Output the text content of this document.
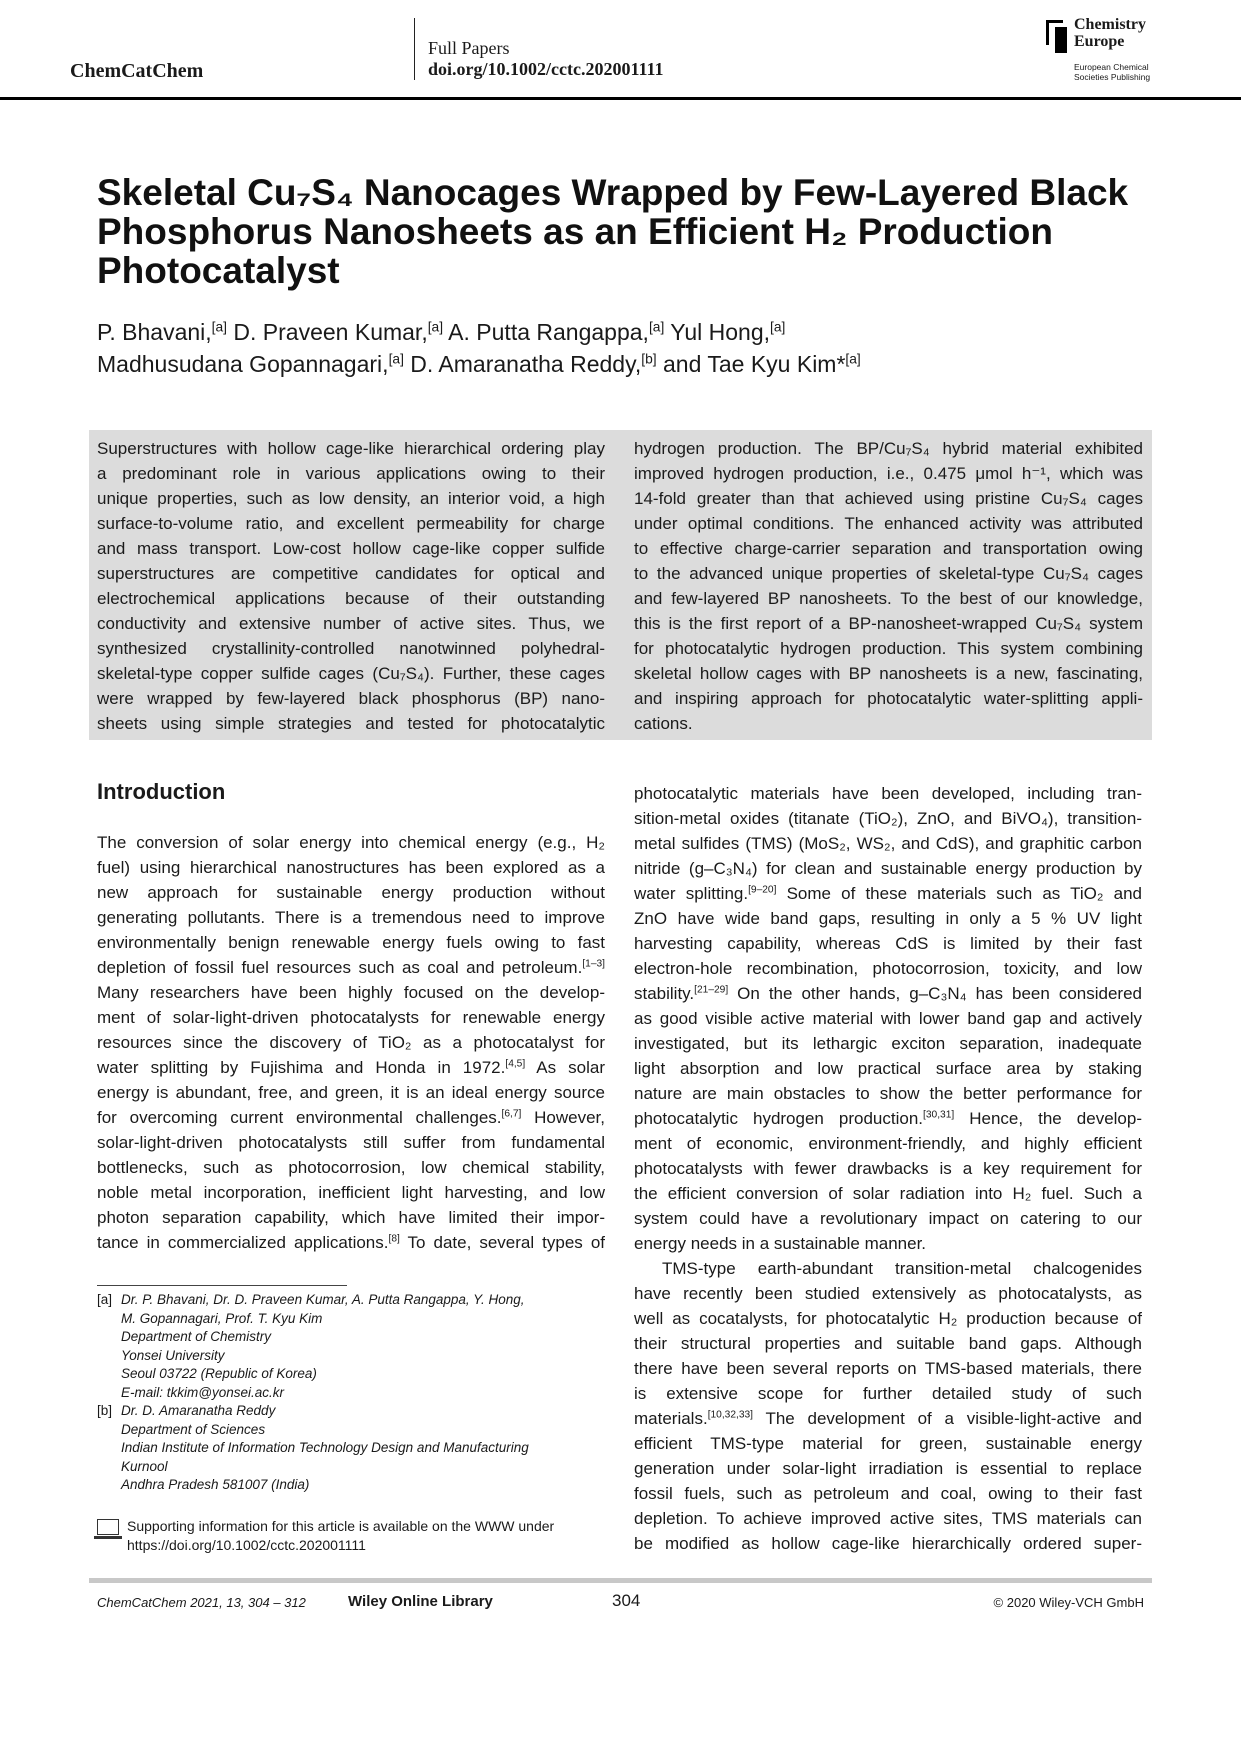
ChemCatChem
Full Papers
doi.org/10.1002/cctc.202001111
Chemistry
Europe
European Chemical
Societies Publishing
Skeletal Cu₇S₄ Nanocages Wrapped by Few-Layered Black
Phosphorus Nanosheets as an Efficient H₂ Production
Photocatalyst
P. Bhavani,[a] D. Praveen Kumar,[a] A. Putta Rangappa,[a] Yul Hong,[a]
Madhusudana Gopannagari,[a] D. Amaranatha Reddy,[b] and Tae Kyu Kim*[a]
Superstructures with hollow cage-like hierarchical ordering play
a predominant role in various applications owing to their
unique properties, such as low density, an interior void, a high
surface-to-volume ratio, and excellent permeability for charge
and mass transport. Low-cost hollow cage-like copper sulfide
superstructures are competitive candidates for optical and
electrochemical applications because of their outstanding
conductivity and extensive number of active sites. Thus, we
synthesized crystallinity-controlled nanotwinned polyhedral-
skeletal-type copper sulfide cages (Cu₇S₄). Further, these cages
were wrapped by few-layered black phosphorus (BP) nano-
sheets using simple strategies and tested for photocatalytic
hydrogen production. The BP/Cu₇S₄ hybrid material exhibited
improved hydrogen production, i.e., 0.475 μmol h⁻¹, which was
14-fold greater than that achieved using pristine Cu₇S₄ cages
under optimal conditions. The enhanced activity was attributed
to effective charge-carrier separation and transportation owing
to the advanced unique properties of skeletal-type Cu₇S₄ cages
and few-layered BP nanosheets. To the best of our knowledge,
this is the first report of a BP-nanosheet-wrapped Cu₇S₄ system
for photocatalytic hydrogen production. This system combining
skeletal hollow cages with BP nanosheets is a new, fascinating,
and inspiring approach for photocatalytic water-splitting appli-
cations.
Introduction
The conversion of solar energy into chemical energy (e.g., H₂
fuel) using hierarchical nanostructures has been explored as a
new approach for sustainable energy production without
generating pollutants. There is a tremendous need to improve
environmentally benign renewable energy fuels owing to fast
depletion of fossil fuel resources such as coal and petroleum.[1–3]
Many researchers have been highly focused on the develop-
ment of solar-light-driven photocatalysts for renewable energy
resources since the discovery of TiO₂ as a photocatalyst for
water splitting by Fujishima and Honda in 1972.[4,5] As solar
energy is abundant, free, and green, it is an ideal energy source
for overcoming current environmental challenges.[6,7] However,
solar-light-driven photocatalysts still suffer from fundamental
bottlenecks, such as photocorrosion, low chemical stability,
noble metal incorporation, inefficient light harvesting, and low
photon separation capability, which have limited their impor-
tance in commercialized applications.[8] To date, several types of
photocatalytic materials have been developed, including tran-
sition-metal oxides (titanate (TiO₂), ZnO, and BiVO₄), transition-
metal sulfides (TMS) (MoS₂, WS₂, and CdS), and graphitic carbon
nitride (g–C₃N₄) for clean and sustainable energy production by
water splitting.[9–20] Some of these materials such as TiO₂ and
ZnO have wide band gaps, resulting in only a 5 % UV light
harvesting capability, whereas CdS is limited by their fast
electron-hole recombination, photocorrosion, toxicity, and low
stability.[21–29] On the other hands, g–C₃N₄ has been considered
as good visible active material with lower band gap and actively
investigated, but its lethargic exciton separation, inadequate
light absorption and low practical surface area by staking
nature are main obstacles to show the better performance for
photocatalytic hydrogen production.[30,31] Hence, the develop-
ment of economic, environment-friendly, and highly efficient
photocatalysts with fewer drawbacks is a key requirement for
the efficient conversion of solar radiation into H₂ fuel. Such a
system could have a revolutionary impact on catering to our
energy needs in a sustainable manner.
TMS-type earth-abundant transition-metal chalcogenides
have recently been studied extensively as photocatalysts, as
well as cocatalysts, for photocatalytic H₂ production because of
their structural properties and suitable band gaps. Although
there have been several reports on TMS-based materials, there
is extensive scope for further detailed study of such
materials.[10,32,33] The development of a visible-light-active and
efficient TMS-type material for green, sustainable energy
generation under solar-light irradiation is essential to replace
fossil fuels, such as petroleum and coal, owing to their fast
depletion. To achieve improved active sites, TMS materials can
be modified as hollow cage-like hierarchically ordered super-
[a] Dr. P. Bhavani, Dr. D. Praveen Kumar, A. Putta Rangappa, Y. Hong,
M. Gopannagari, Prof. T. Kyu Kim
Department of Chemistry
Yonsei University
Seoul 03722 (Republic of Korea)
E-mail: tkkim@yonsei.ac.kr
[b] Dr. D. Amaranatha Reddy
Department of Sciences
Indian Institute of Information Technology Design and Manufacturing
Kurnool
Andhra Pradesh 581007 (India)
Supporting information for this article is available on the WWW under
https://doi.org/10.1002/cctc.202001111
ChemCatChem 2021, 13, 304 – 312	Wiley Online Library	304	© 2020 Wiley-VCH GmbH
